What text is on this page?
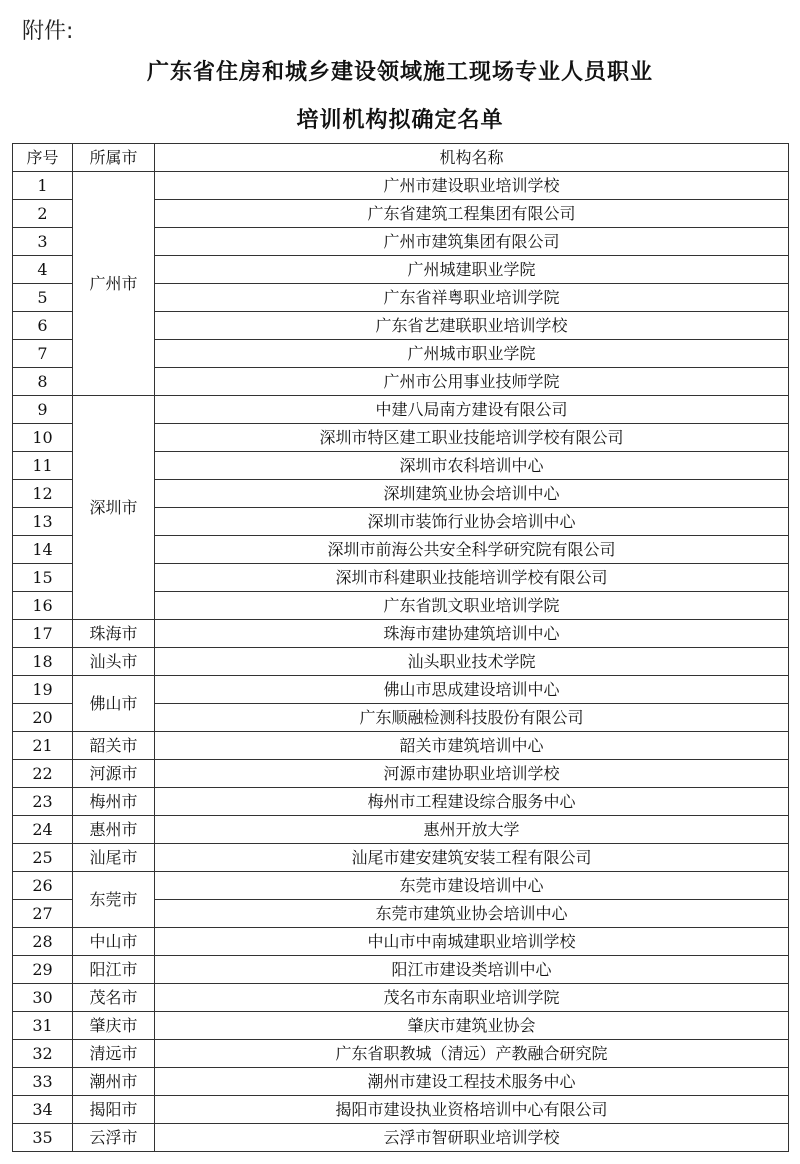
附件:
广东省住房和城乡建设领域施工现场专业人员职业
培训机构拟确定名单
序号	所属市	机构名称
1	广州市	广州市建设职业培训学校
2		广东省建筑工程集团有限公司
3		广州市建筑集团有限公司
4		广州城建职业学院
5		广东省祥粤职业培训学院
6		广东省艺建联职业培训学校
7		广州城市职业学院
8		广州市公用事业技师学院
9	深圳市	中建八局南方建设有限公司
10		深圳市特区建工职业技能培训学校有限公司
11		深圳市农科培训中心
12		深圳建筑业协会培训中心
13		深圳市装饰行业协会培训中心
14		深圳市前海公共安全科学研究院有限公司
15		深圳市科建职业技能培训学校有限公司
16		广东省凯文职业培训学院
17	珠海市	珠海市建协建筑培训中心
18	汕头市	汕头职业技术学院
19	佛山市	佛山市思成建设培训中心
20		广东顺融检测科技股份有限公司
21	韶关市	韶关市建筑培训中心
22	河源市	河源市建协职业培训学校
23	梅州市	梅州市工程建设综合服务中心
24	惠州市	惠州开放大学
25	汕尾市	汕尾市建安建筑安装工程有限公司
26	东莞市	东莞市建设培训中心
27		东莞市建筑业协会培训中心
28	中山市	中山市中南城建职业培训学校
29	阳江市	阳江市建设类培训中心
30	茂名市	茂名市东南职业培训学院
31	肇庆市	肇庆市建筑业协会
32	清远市	广东省职教城（清远）产教融合研究院
33	潮州市	潮州市建设工程技术服务中心
34	揭阳市	揭阳市建设执业资格培训中心有限公司
35	云浮市	云浮市智研职业培训学校
